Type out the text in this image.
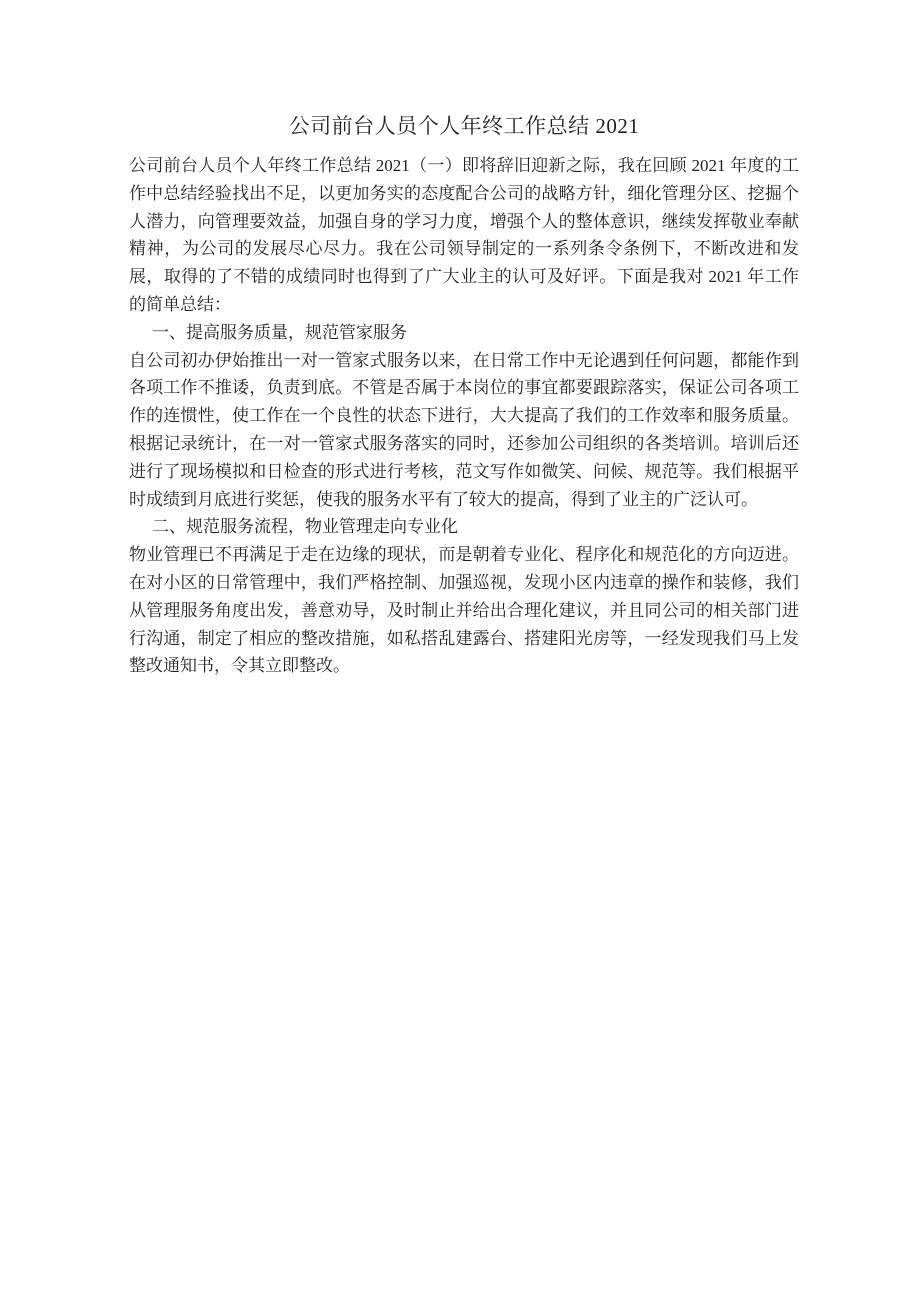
公司前台人员个人年终工作总结 2021

公司前台人员个人年终工作总结 2021（一）即将辞旧迎新之际，我在回顾 2021 年度的工作中总结经验找出不足，以更加务实的态度配合公司的战略方针，细化管理分区、挖掘个人潜力，向管理要效益，加强自身的学习力度，增强个人的整体意识，继续发挥敬业奉献精神，为公司的发展尽心尽力。我在公司领导制定的一系列条令条例下，不断改进和发展，取得的了不错的成绩同时也得到了广大业主的认可及好评。下面是我对 2021 年工作的简单总结：

一、提高服务质量，规范管家服务

自公司初办伊始推出一对一管家式服务以来，在日常工作中无论遇到任何问题，都能作到各项工作不推诿，负责到底。不管是否属于本岗位的事宜都要跟踪落实，保证公司各项工作的连惯性，使工作在一个良性的状态下进行，大大提高了我们的工作效率和服务质量。根据记录统计，在一对一管家式服务落实的同时，还参加公司组织的各类培训。培训后还进行了现场模拟和日检查的形式进行考核，范文写作如微笑、问候、规范等。我们根据平时成绩到月底进行奖惩，使我的服务水平有了较大的提高，得到了业主的广泛认可。

二、规范服务流程，物业管理走向专业化

物业管理已不再满足于走在边缘的现状，而是朝着专业化、程序化和规范化的方向迈进。在对小区的日常管理中，我们严格控制、加强巡视，发现小区内违章的操作和装修，我们从管理服务角度出发，善意劝导，及时制止并给出合理化建议，并且同公司的相关部门进行沟通，制定了相应的整改措施，如私搭乱建露台、搭建阳光房等，一经发现我们马上发整改通知书，令其立即整改。
